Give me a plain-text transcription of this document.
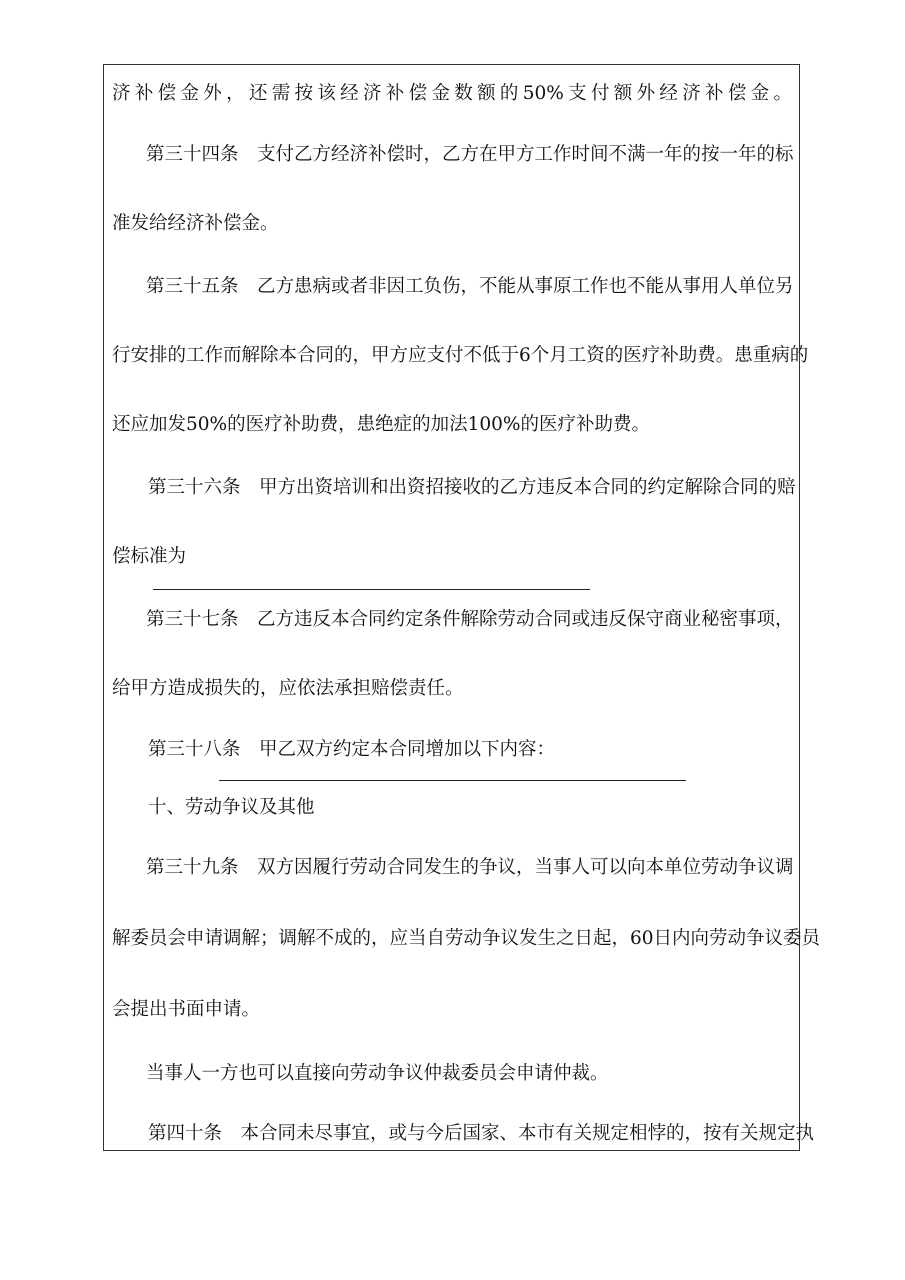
济补偿金外，还需按该经济补偿金数额的50%支付额外经济补偿金。
第三十四条　支付乙方经济补偿时，乙方在甲方工作时间不满一年的按一年的标
准发给经济补偿金。
第三十五条　乙方患病或者非因工负伤，不能从事原工作也不能从事用人单位另
行安排的工作而解除本合同的，甲方应支付不低于6个月工资的医疗补助费。患重病的
还应加发50%的医疗补助费，患绝症的加法100%的医疗补助费。
第三十六条　甲方出资培训和出资招接收的乙方违反本合同的约定解除合同的赔
偿标准为
第三十七条　乙方违反本合同约定条件解除劳动合同或违反保守商业秘密事项，
给甲方造成损失的，应依法承担赔偿责任。
第三十八条　甲乙双方约定本合同增加以下内容：
十、劳动争议及其他
第三十九条　双方因履行劳动合同发生的争议，当事人可以向本单位劳动争议调
解委员会申请调解；调解不成的，应当自劳动争议发生之日起，60日内向劳动争议委员
会提出书面申请。
当事人一方也可以直接向劳动争议仲裁委员会申请仲裁。
第四十条　本合同未尽事宜，或与今后国家、本市有关规定相悖的，按有关规定执
